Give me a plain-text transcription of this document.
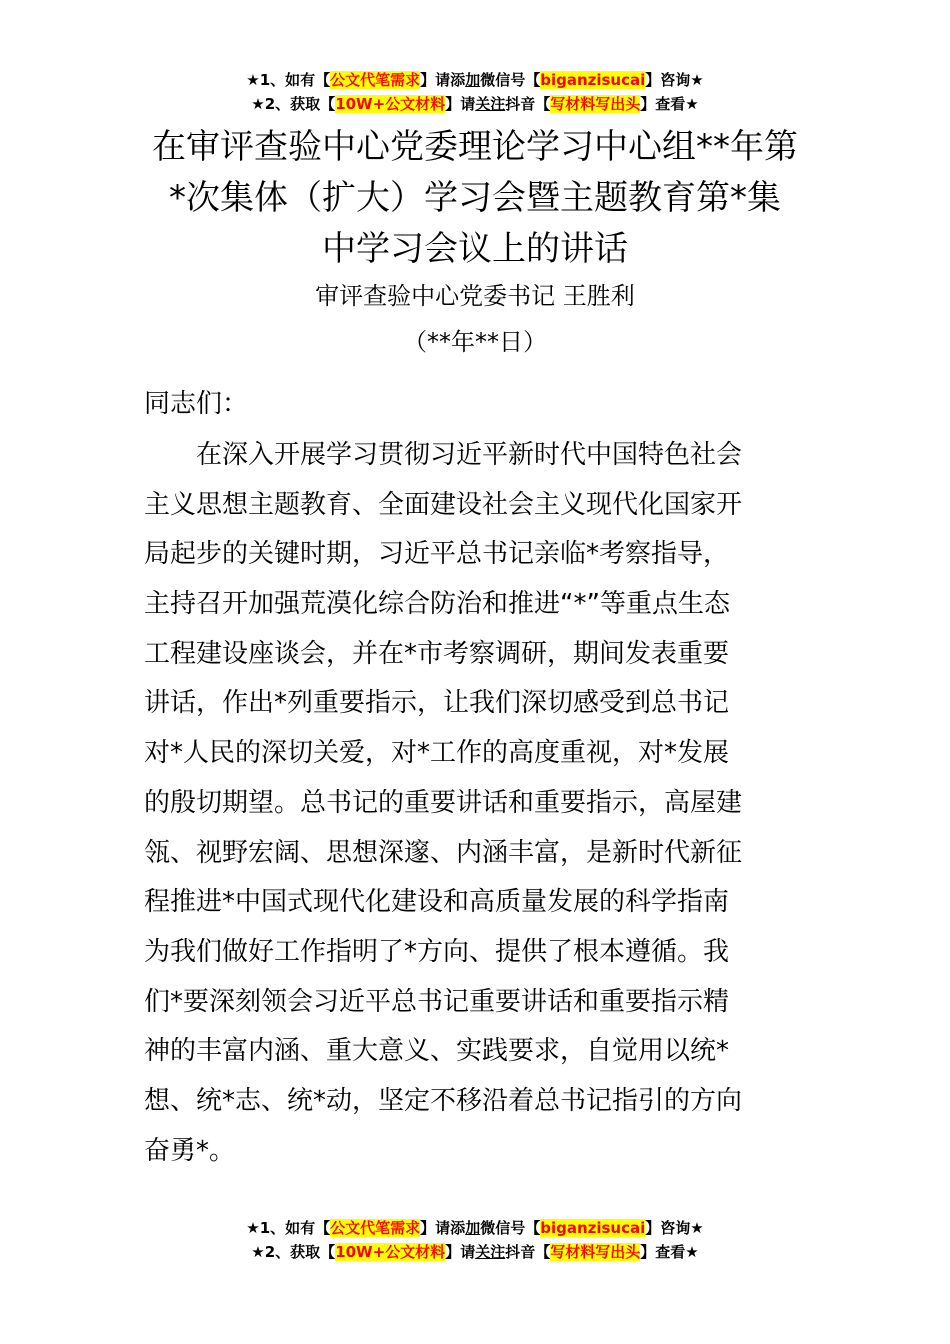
★1、如有【公文代笔需求】请添加微信号【biganzisucai】咨询★
★2、获取【10W+公文材料】请关注抖音【写材料写出头】查看★
在审评查验中心党委理论学习中心组**年第
*次集体（扩大）学习会暨主题教育第*集
中学习会议上的讲话
审评查验中心党委书记 王胜利
（**年**日）
同志们：
　　在深入开展学习贯彻习近平新时代中国特色社会
主义思想主题教育、全面建设社会主义现代化国家开
局起步的关键时期，习近平总书记亲临*考察指导，
主持召开加强荒漠化综合防治和推进“*”等重点生态
工程建设座谈会，并在*市考察调研，期间发表重要
讲话，作出*列重要指示，让我们深切感受到总书记
对*人民的深切关爱，对*工作的高度重视，对*发展
的殷切期望。总书记的重要讲话和重要指示，高屋建
瓴、视野宏阔、思想深邃、内涵丰富，是新时代新征
程推进*中国式现代化建设和高质量发展的科学指南
为我们做好工作指明了*方向、提供了根本遵循。我
们*要深刻领会习近平总书记重要讲话和重要指示精
神的丰富内涵、重大意义、实践要求，自觉用以统*
想、统*志、统*动，坚定不移沿着总书记指引的方向
奋勇*。
★1、如有【公文代笔需求】请添加微信号【biganzisucai】咨询★
★2、获取【10W+公文材料】请关注抖音【写材料写出头】查看★
